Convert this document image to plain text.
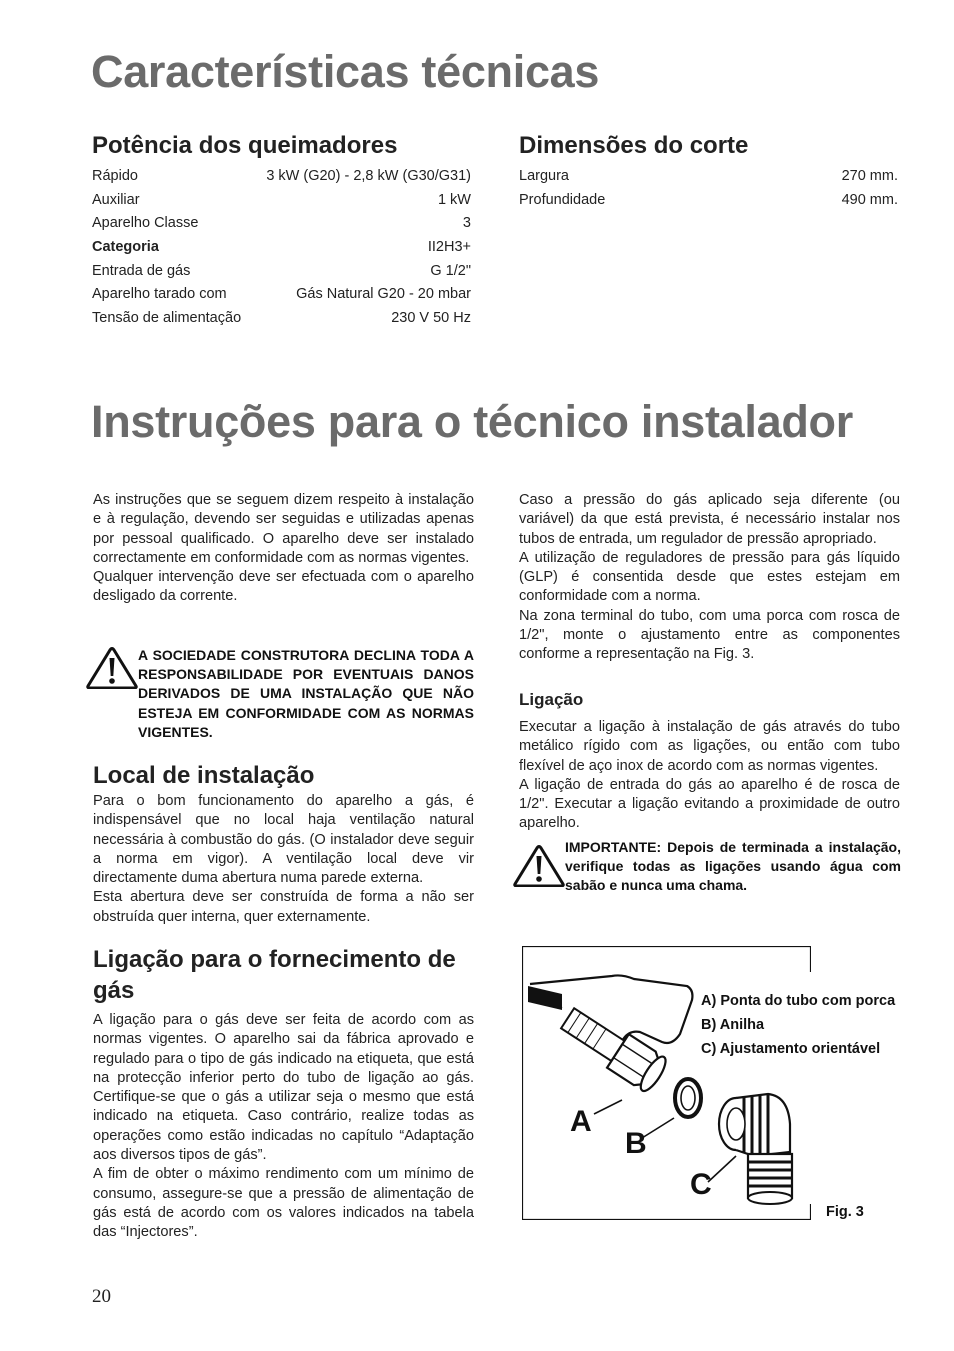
Características técnicas
Potência dos queimadores
Rápido	3 kW (G20) - 2,8 kW (G30/G31)
Auxiliar	1 kW
Aparelho Classe	3
Categoria	II2H3+
Entrada de gás	G 1/2"
Aparelho tarado com	Gás Natural G20 - 20 mbar
Tensão de alimentação	230 V 50 Hz
Dimensões do corte
Largura	270 mm.
Profundidade	490 mm.
Instruções para o técnico instalador

As instruções que se seguem dizem respeito à instalação e à regulação, devendo ser seguidas e utilizadas apenas por pessoal qualificado. O aparelho deve ser instalado correctamente em conformidade com as normas vigentes.

Qualquer intervenção deve ser efectuada com o aparelho desligado da corrente.

A SOCIEDADE CONSTRUTORA DECLINA TODA A RESPONSABILIDADE POR EVENTUAIS DANOS DERIVADOS DE UMA INSTALAÇÃO QUE NÃO ESTEJA EM CONFORMIDADE COM AS NORMAS VIGENTES.
Local de instalação

Para o bom funcionamento do aparelho a gás, é indispensável que no local haja ventilação natural necessária à combustão do gás. (O instalador deve seguir a norma em vigor). A ventilação local deve vir directamente duma abertura numa parede externa.

Esta abertura deve ser construída de forma a não ser obstruída quer interna, quer externamente.

Ligação para o fornecimento de gás

A ligação para o gás deve ser feita de acordo com as normas vigentes. O aparelho sai da fábrica aprovado e regulado para o tipo de gás indicado na etiqueta, que está na protecção inferior perto do tubo de ligação ao gás. Certifique-se que o gás a utilizar seja o mesmo que está indicado na etiqueta. Caso contrário, realize todas as operações como estão indicadas no capítulo “Adaptação aos diversos tipos de gás”.

A fim de obter o máximo rendimento com um mínimo de consumo, assegure-se que a pressão de alimentação de gás está de acordo com os valores indicados na tabela das “Injectores”.

Caso a pressão do gás aplicado seja diferente (ou variável) da que está prevista, é necessário instalar nos tubos de entrada, um regulador de pressão apropriado.

A utilização de reguladores de pressão para gás líquido (GLP) é consentida desde que estes estejam em conformidade com a norma.

Na zona terminal do tubo, com uma porca com rosca de 1/2", monte o ajustamento entre as componentes conforme a representação na Fig. 3.

Ligação

Executar a ligação à instalação de gás através do tubo metálico rígido com as ligações, ou então com tubo flexível de aço inox de acordo com as normas vigentes.

A ligação de entrada do gás ao aparelho é de rosca de 1/2". Executar a ligação evitando a proximidade de outro aparelho.

IMPORTANTE: Depois de terminada a instalação, verifique todas as ligações usando água com sabão e nunca uma chama.
A
B
C
A) Ponta do tubo com porca
B) Anilha
C) Ajustamento orientável
Fig. 3
20
